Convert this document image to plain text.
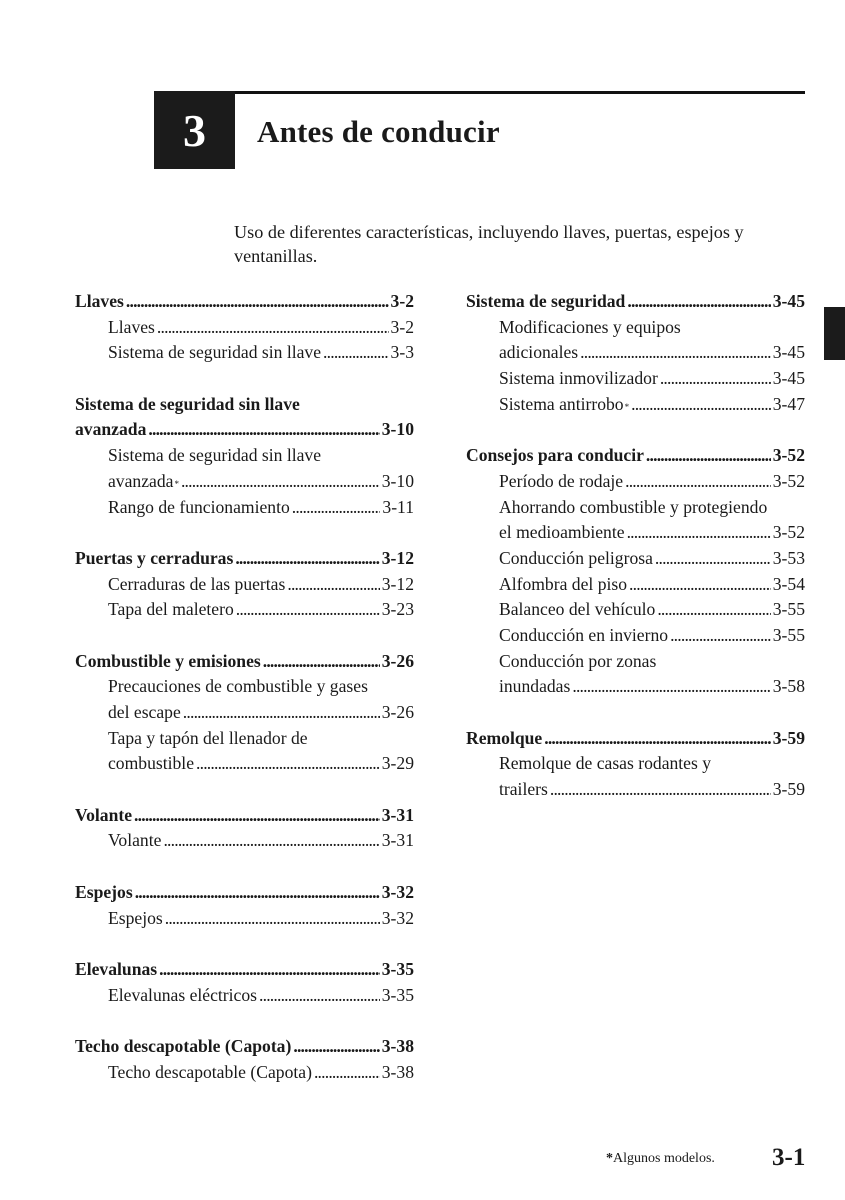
3	Antes de conducir
Uso de diferentes características, incluyendo llaves, puertas, espejos y ventanillas.
Llaves . . .	3-2
Llaves . . .	3-2
Sistema de seguridad sin llave . . .	3-3
Sistema de seguridad sin llave
avanzada . . .	3-10
Sistema de seguridad sin llave
avanzada * . . .	3-10
Rango de funcionamiento . . .	3-11
Puertas y cerraduras . . .	3-12
Cerraduras de las puertas . . .	3-12
Tapa del maletero . . .	3-23
Combustible y emisiones . . .	3-26
Precauciones de combustible y gases
del escape . . .	3-26
Tapa y tapón del llenador de
combustible . . .	3-29
Volante . . .	3-31
Volante . . .	3-31
Espejos . . .	3-32
Espejos . . .	3-32
Elevalunas . . .	3-35
Elevalunas eléctricos . . .	3-35
Techo descapotable (Capota) . . .	3-38
Techo descapotable (Capota) . . .	3-38
Sistema de seguridad . . .	3-45
Modificaciones y equipos
adicionales . . .	3-45
Sistema inmovilizador . . .	3-45
Sistema antirrobo * . . .	3-47
Consejos para conducir . . .	3-52
Período de rodaje . . .	3-52
Ahorrando combustible y protegiendo
el medioambiente . . .	3-52
Conducción peligrosa . . .	3-53
Alfombra del piso . . .	3-54
Balanceo del vehículo . . .	3-55
Conducción en invierno . . .	3-55
Conducción por zonas
inundadas . . .	3-58
Remolque . . .	3-59
Remolque de casas rodantes y
trailers . . .	3-59
*Algunos modelos. 3-1
